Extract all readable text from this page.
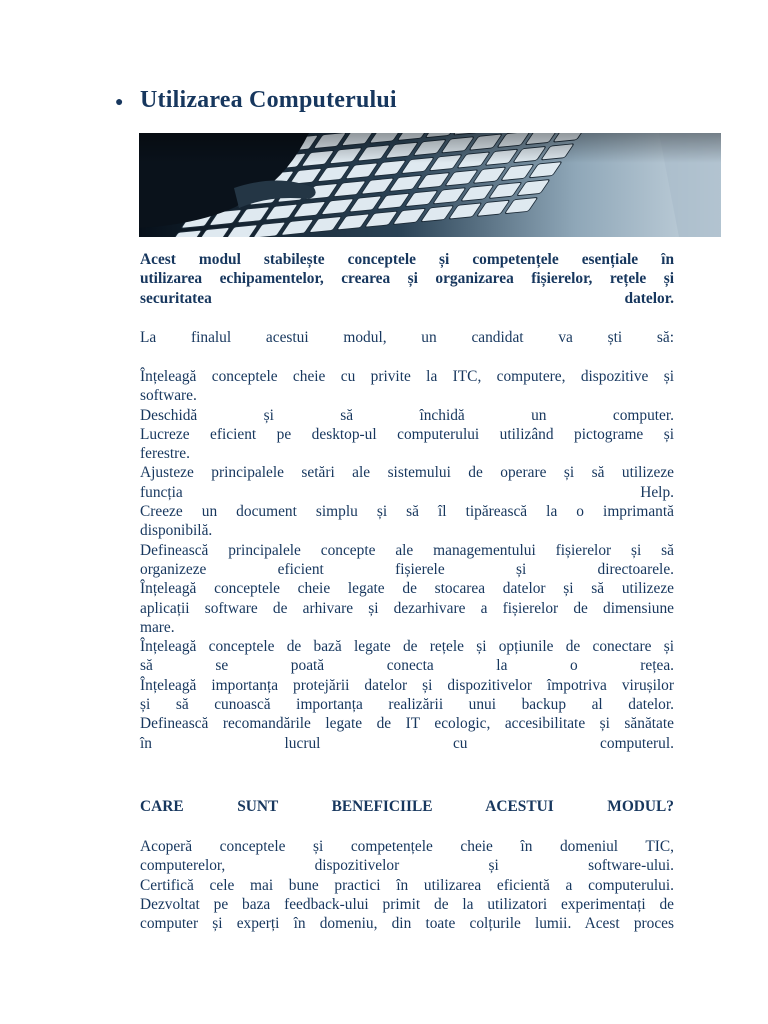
● Utilizarea Computerului
Acest modul stabilește conceptele și competențele esențiale în
utilizarea echipamentelor, crearea și organizarea fișierelor, rețele și
securitatea datelor.
La finalul acestui modul, un candidat va ști să:
Înțeleagă conceptele cheie cu privite la ITC, computere, dispozitive și
software.
Deschidă și să închidă un computer.
Lucreze eficient pe desktop-ul computerului utilizând pictograme și
ferestre.
Ajusteze principalele setări ale sistemului de operare și să utilizeze
funcția Help.
Creeze un document simplu și să îl tipărească la o imprimantă
disponibilă.
Definească principalele concepte ale managementului fișierelor și să
organizeze eficient fișierele și directoarele.
Înțeleagă conceptele cheie legate de stocarea datelor și să utilizeze
aplicații software de arhivare și dezarhivare a fișierelor de dimensiune
mare.
Înțeleagă conceptele de bază legate de rețele și opțiunile de conectare și
să se poată conecta la o rețea.
Înțeleagă importanța protejării datelor și dispozitivelor împotriva virușilor
și să cunoască importanța realizării unui backup al datelor.
Definească recomandările legate de IT ecologic, accesibilitate și sănătate
în lucrul cu computerul.
CARE SUNT BENEFICIILE ACESTUI MODUL?
Acoperă conceptele și competențele cheie în domeniul TIC,
computerelor, dispozitivelor și software-ului.
Certifică cele mai bune practici în utilizarea eficientă a computerului.
Dezvoltat pe baza feedback-ului primit de la utilizatori experimentați de
computer și experți în domeniu, din toate colțurile lumii. Acest proces
